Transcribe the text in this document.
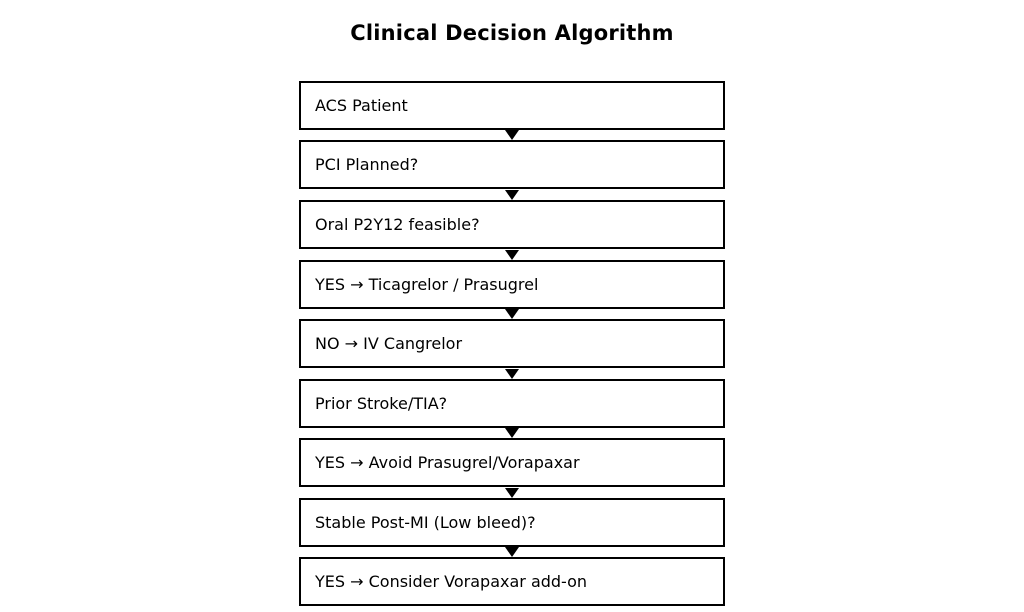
Clinical Decision Algorithm
ACS Patient
PCI Planned?
Oral P2Y12 feasible?
YES → Ticagrelor / Prasugrel
NO → IV Cangrelor
Prior Stroke/TIA?
YES → Avoid Prasugrel/Vorapaxar
Stable Post-MI (Low bleed)?
YES → Consider Vorapaxar add-on
